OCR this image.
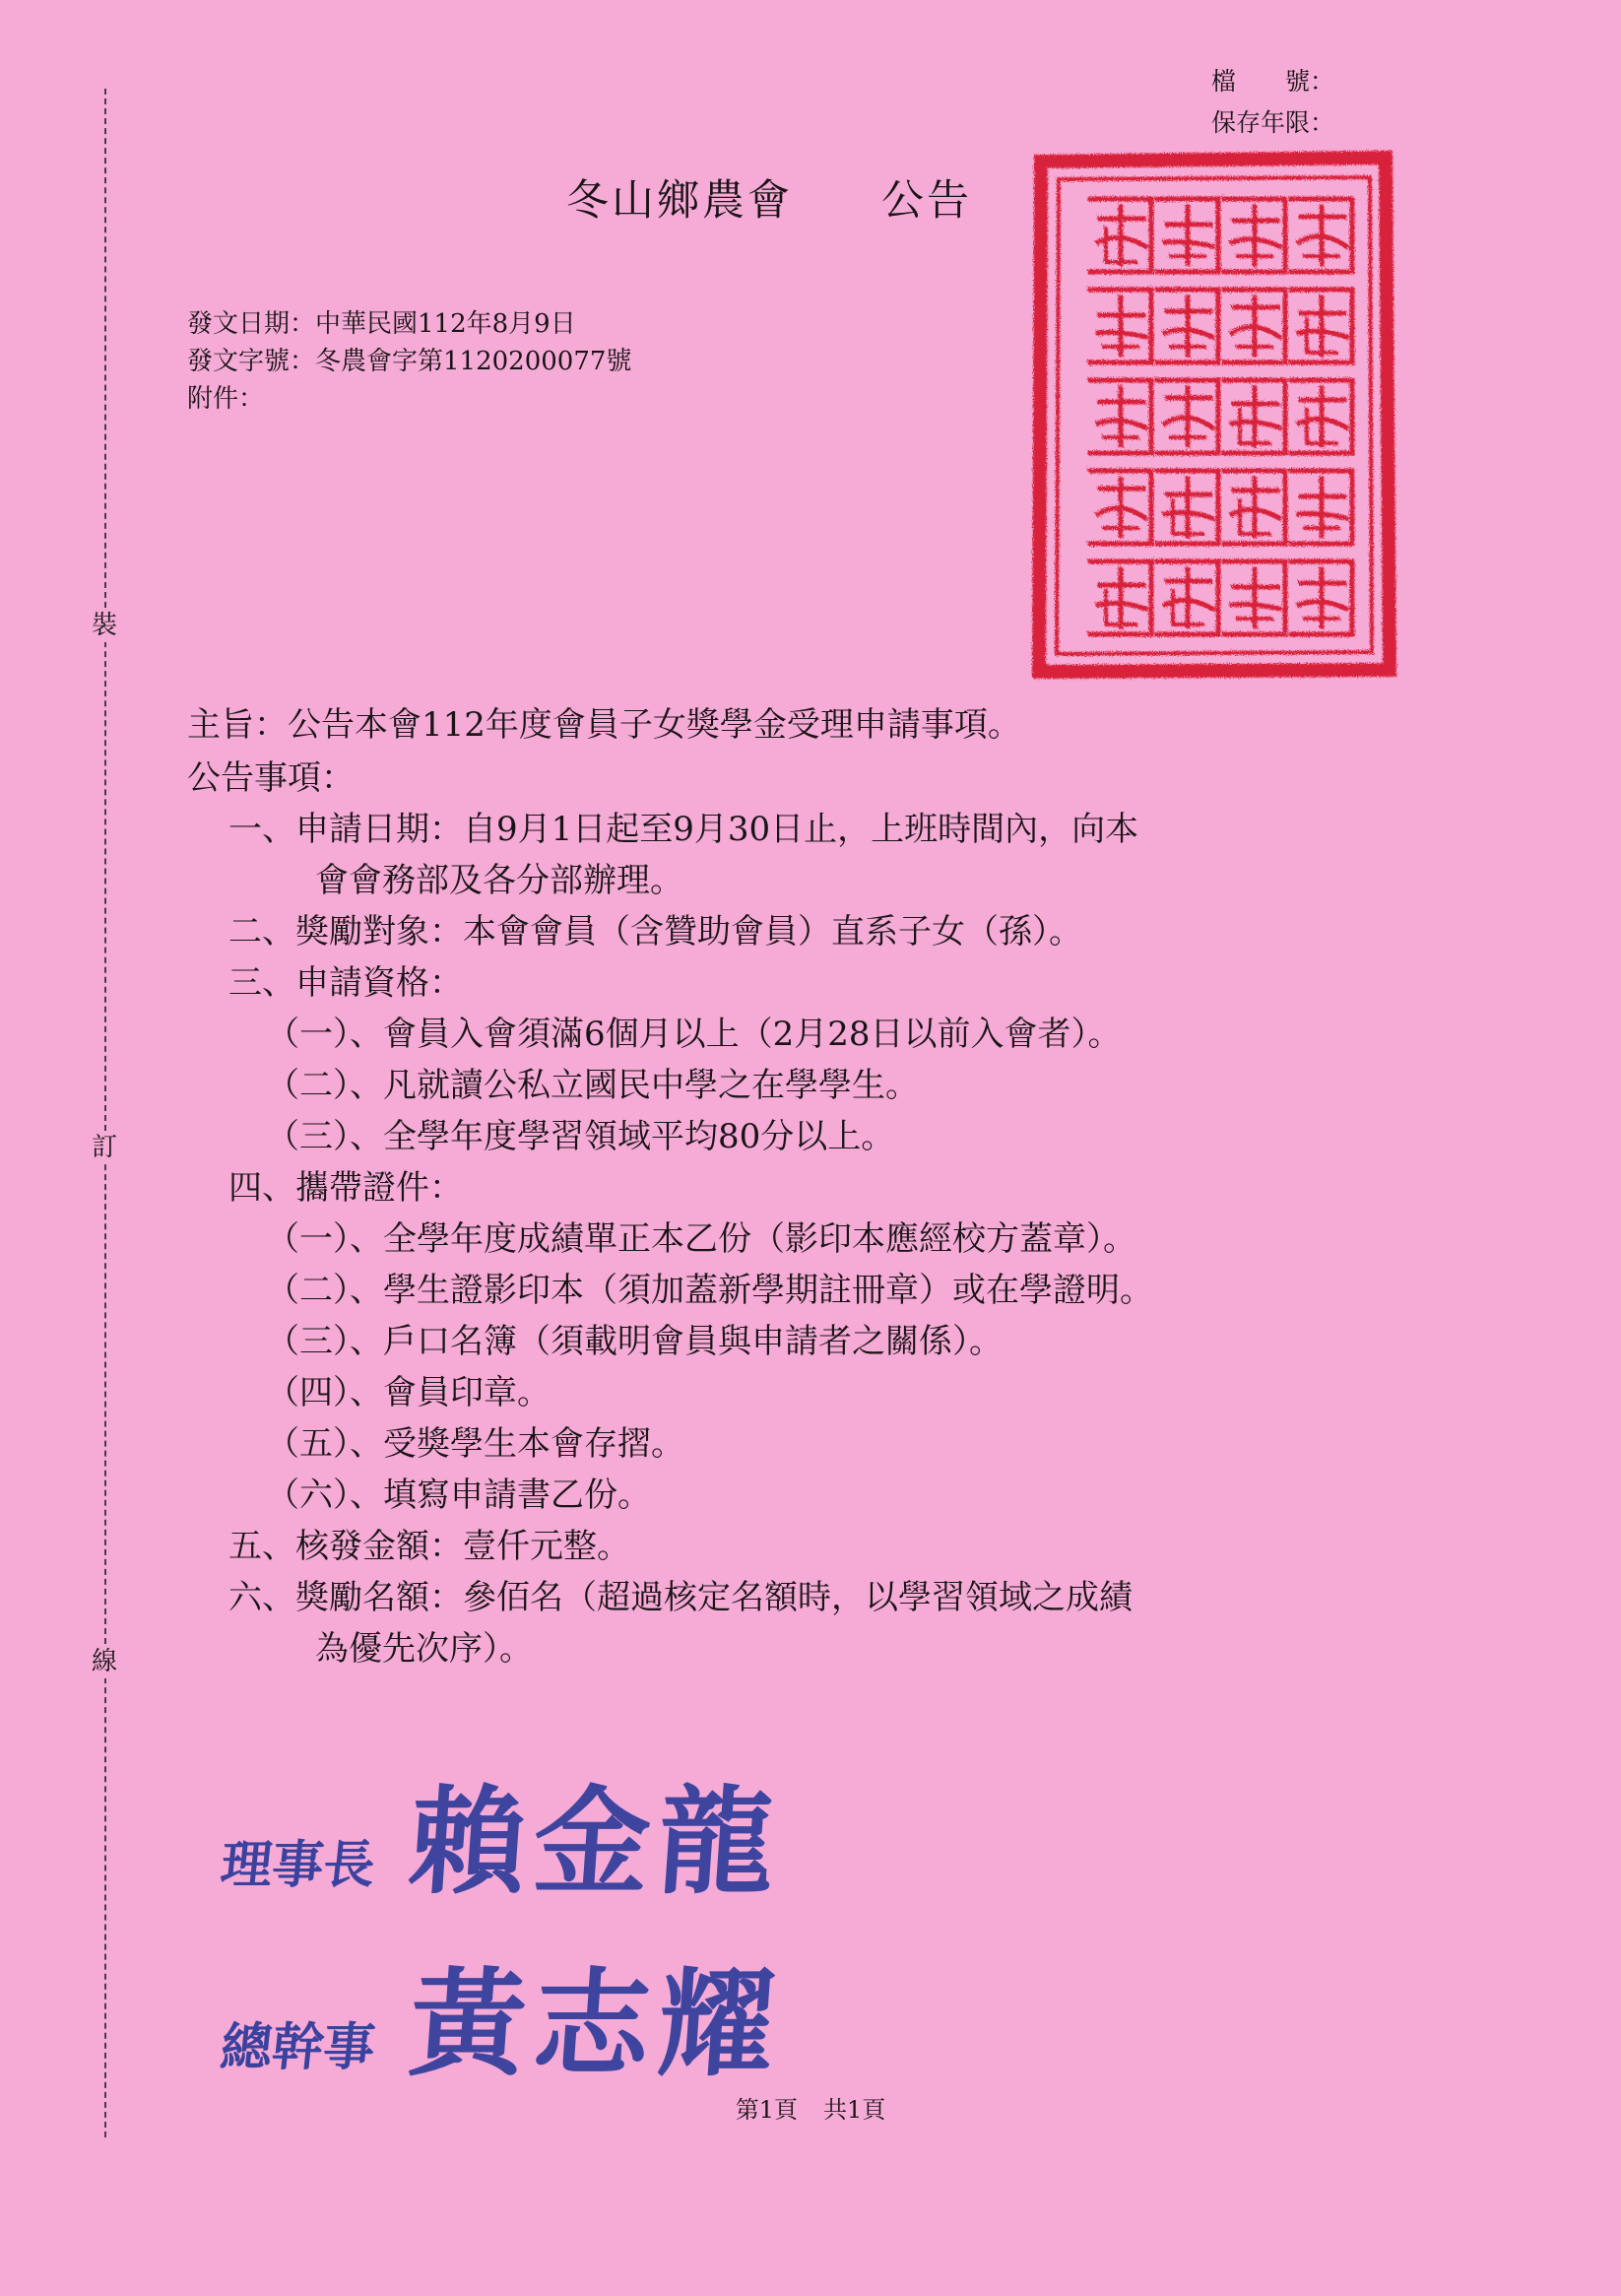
裝
訂
線
檔　　號：
保存年限：
冬山鄉農會 公告
發文日期：中華民國112年8月9日
發文字號：冬農會字第1120200077號
附件：
主旨：公告本會112年度會員子女獎學金受理申請事項。
公告事項：
一、申請日期：自9月1日起至9月30日止，上班時間內，向本
會會務部及各分部辦理。
二、獎勵對象：本會會員（含贊助會員）直系子女（孫）。
三、申請資格：
（一）、會員入會須滿6個月以上（2月28日以前入會者）。
（二）、凡就讀公私立國民中學之在學學生。
（三）、全學年度學習領域平均80分以上。
四、攜帶證件：
（一）、全學年度成績單正本乙份（影印本應經校方蓋章）。
（二）、學生證影印本（須加蓋新學期註冊章）或在學證明。
（三）、戶口名簿（須載明會員與申請者之關係）。
（四）、會員印章。
（五）、受獎學生本會存摺。
（六）、填寫申請書乙份。
五、核發金額：壹仟元整。
六、獎勵名額：參佰名（超過核定名額時，以學習領域之成績
為優先次序）。
理事長 賴金龍
總幹事 黃志耀
第1頁 共1頁
